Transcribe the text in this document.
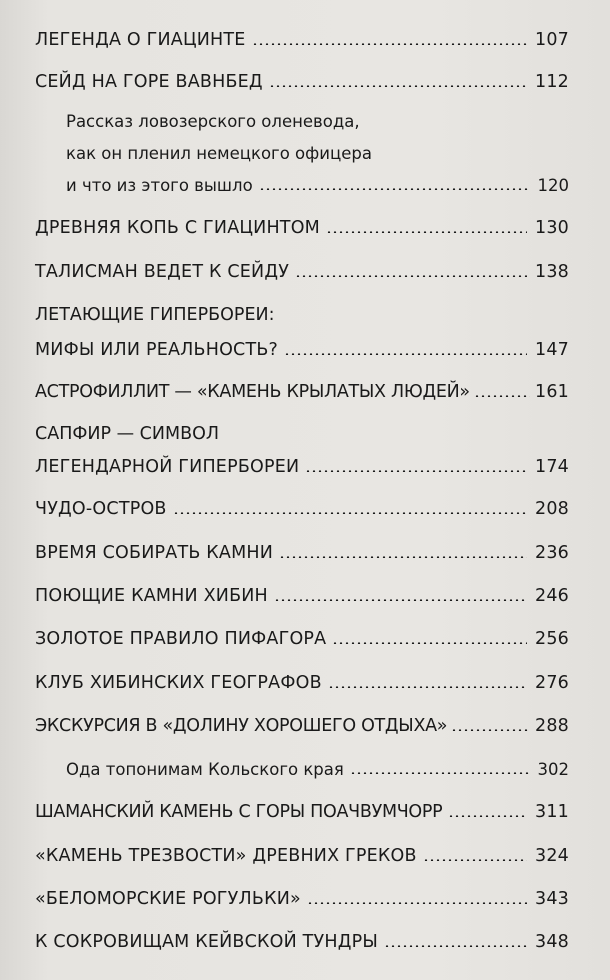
ЛЕГЕНДА О ГИАЦИНТЕ	107
СЕЙД НА ГОРЕ ВАВНБЕД	112
Рассказ ловозерского оленевода,
как он пленил немецкого офицера
и что из этого вышло	120
ДРЕВНЯЯ КОПЬ С ГИАЦИНТОМ	130
ТАЛИСМАН ВЕДЕТ К СЕЙДУ	138
ЛЕТАЮЩИЕ ГИПЕРБОРЕИ:
МИФЫ ИЛИ РЕАЛЬНОСТЬ?	147
АСТРОФИЛЛИТ — «КАМЕНЬ КРЫЛАТЫХ ЛЮДЕЙ»	161
САПФИР — СИМВОЛ
ЛЕГЕНДАРНОЙ ГИПЕРБОРЕИ	174
ЧУДО-ОСТРОВ	208
ВРЕМЯ СОБИРАТЬ КАМНИ	236
ПОЮЩИЕ КАМНИ ХИБИН	246
ЗОЛОТОЕ ПРАВИЛО ПИФАГОРА	256
КЛУБ ХИБИНСКИХ ГЕОГРАФОВ	276
ЭКСКУРСИЯ В «ДОЛИНУ ХОРОШЕГО ОТДЫХА»	288
Ода топонимам Кольского края	302
ШАМАНСКИЙ КАМЕНЬ С ГОРЫ ПОАЧВУМЧОРР	311
«КАМЕНЬ ТРЕЗВОСТИ» ДРЕВНИХ ГРЕКОВ	324
«БЕЛОМОРСКИЕ РОГУЛЬКИ»	343
К СОКРОВИЩАМ КЕЙВСКОЙ ТУНДРЫ	348
